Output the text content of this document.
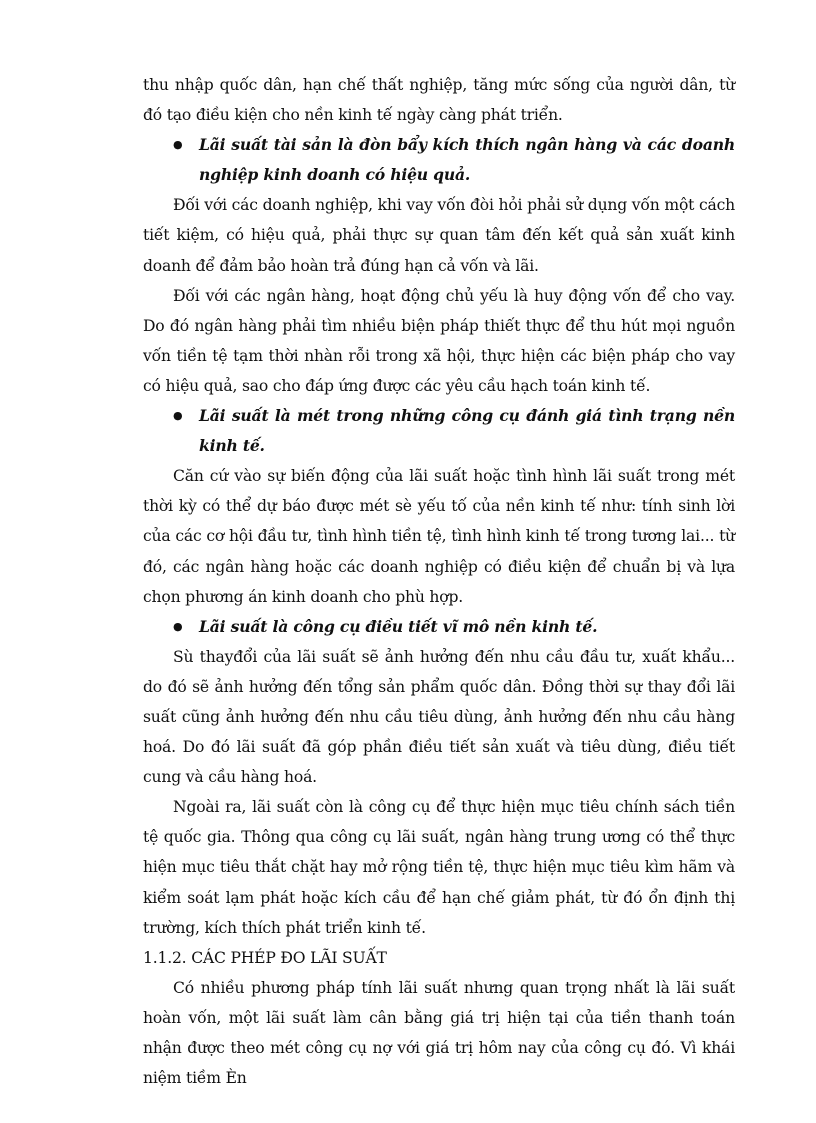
thu nhập quốc dân, hạn chế thất nghiệp, tăng mức sống của người dân, từ đó tạo điều kiện cho nền kinh tế ngày càng phát triển.

● Lãi suất tài sản là đòn bẩy kích thích ngân hàng và các doanh nghiệp kinh doanh có hiệu quả.

Đối với các doanh nghiệp, khi vay vốn đòi hỏi phải sử dụng vốn một cách tiết kiệm, có hiệu quả, phải thực sự quan tâm đến kết quả sản xuất kinh doanh để đảm bảo hoàn trả đúng hạn cả vốn và lãi.

Đối với các ngân hàng, hoạt động chủ yếu là huy động vốn để cho vay. Do đó ngân hàng phải tìm nhiều biện pháp thiết thực để thu hút mọi nguồn vốn tiền tệ tạm thời nhàn rỗi trong xã hội, thực hiện các biện pháp cho vay có hiệu quả, sao cho đáp ứng được các yêu cầu hạch toán kinh tế.

● Lãi suất là mét trong những công cụ đánh giá tình trạng nền kinh tế.

Căn cứ vào sự biến động của lãi suất hoặc tình hình lãi suất trong mét thời kỳ có thể dự báo được mét sè yếu tố của nền kinh tế như: tính sinh lời của các cơ hội đầu tư, tình hình tiền tệ, tình hình kinh tế trong tương lai... từ đó, các ngân hàng hoặc các doanh nghiệp có điều kiện để chuẩn bị và lựa chọn phương án kinh doanh cho phù hợp.

● Lãi suất là công cụ điều tiết vĩ mô nền kinh tế.

Sù thayđổi của lãi suất sẽ ảnh hưởng đến nhu cầu đầu tư, xuất khẩu... do đó sẽ ảnh hưởng đến tổng sản phẩm quốc dân. Đồng thời sự thay đổi lãi suất cũng ảnh hưởng đến nhu cầu tiêu dùng, ảnh hưởng đến nhu cầu hàng hoá. Do đó lãi suất đã góp phần điều tiết sản xuất và tiêu dùng, điều tiết cung và cầu hàng hoá.

Ngoài ra, lãi suất còn là công cụ để thực hiện mục tiêu chính sách tiền tệ quốc gia. Thông qua công cụ lãi suất, ngân hàng trung ương có thể thực hiện mục tiêu thắt chặt hay mở rộng tiền tệ, thực hiện mục tiêu kìm hãm và kiểm soát lạm phát hoặc kích cầu để hạn chế giảm phát, từ đó ổn định thị trường, kích thích phát triển kinh tế.

1.1.2. CÁC PHÉP ĐO LÃI SUẤT

Có nhiều phương pháp tính lãi suất nhưng quan trọng nhất là lãi suất hoàn vốn, một lãi suất làm cân bằng giá trị hiện tại của tiền thanh toán nhận được theo mét công cụ nợ với giá trị hôm nay của công cụ đó. Vì khái niệm tiềm Èn
